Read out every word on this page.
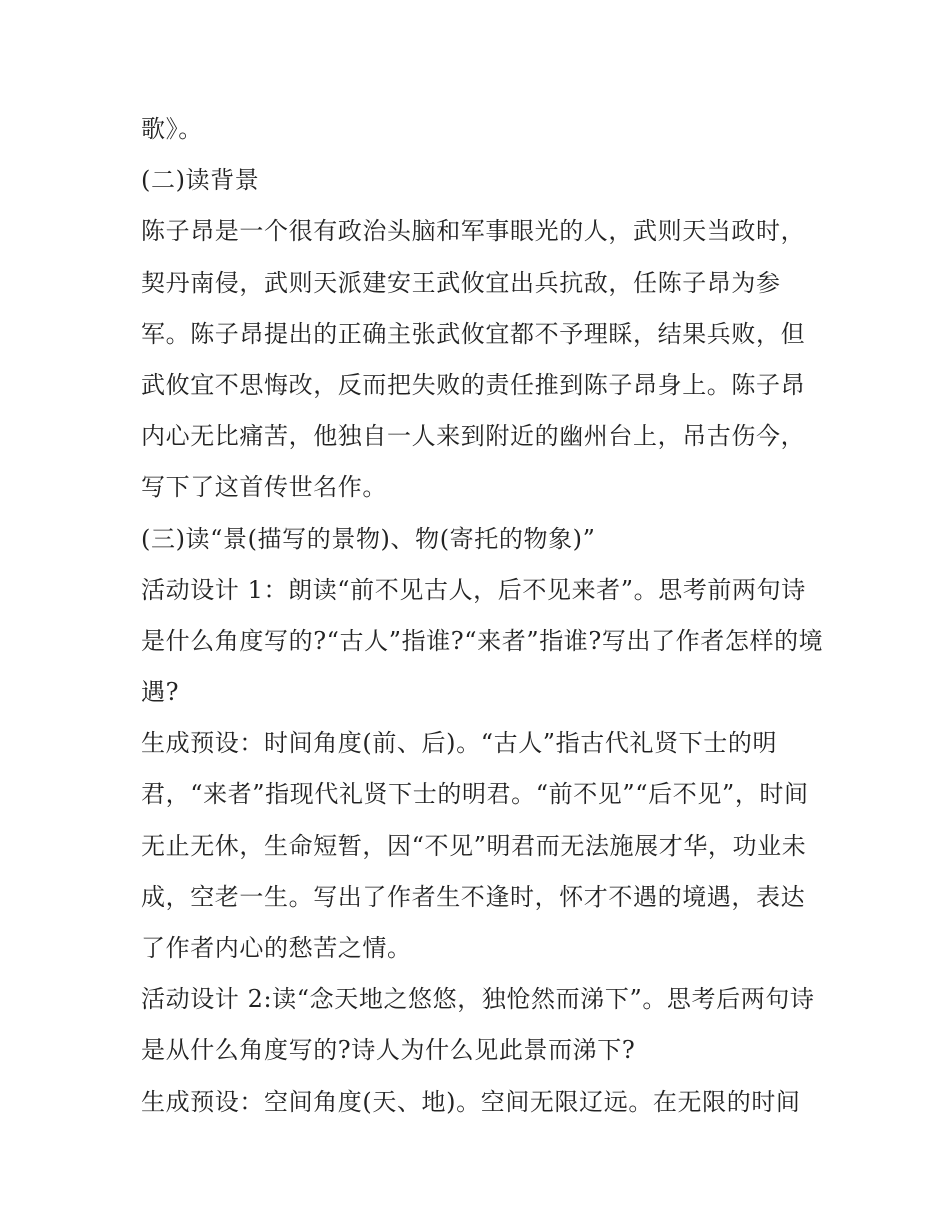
歌》。
(二)读背景
陈子昂是一个很有政治头脑和军事眼光的人，武则天当政时，
契丹南侵，武则天派建安王武攸宜出兵抗敌，任陈子昂为参
军。陈子昂提出的正确主张武攸宜都不予理睬，结果兵败，但
武攸宜不思悔改，反而把失败的责任推到陈子昂身上。陈子昂
内心无比痛苦，他独自一人来到附近的幽州台上，吊古伤今，
写下了这首传世名作。
(三)读“景(描写的景物)、物(寄托的物象)”
活动设计 1：朗读“前不见古人，后不见来者”。思考前两句诗
是什么角度写的?“古人”指谁?“来者”指谁?写出了作者怎样的境
遇?
生成预设：时间角度(前、后)。“古人”指古代礼贤下士的明
君，“来者”指现代礼贤下士的明君。“前不见”“后不见”，时间
无止无休，生命短暂，因“不见”明君而无法施展才华，功业未
成，空老一生。写出了作者生不逢时，怀才不遇的境遇，表达
了作者内心的愁苦之情。
活动设计 2:读“念天地之悠悠，独怆然而涕下”。思考后两句诗
是从什么角度写的?诗人为什么见此景而涕下?
生成预设：空间角度(天、地)。空间无限辽远。在无限的时间
